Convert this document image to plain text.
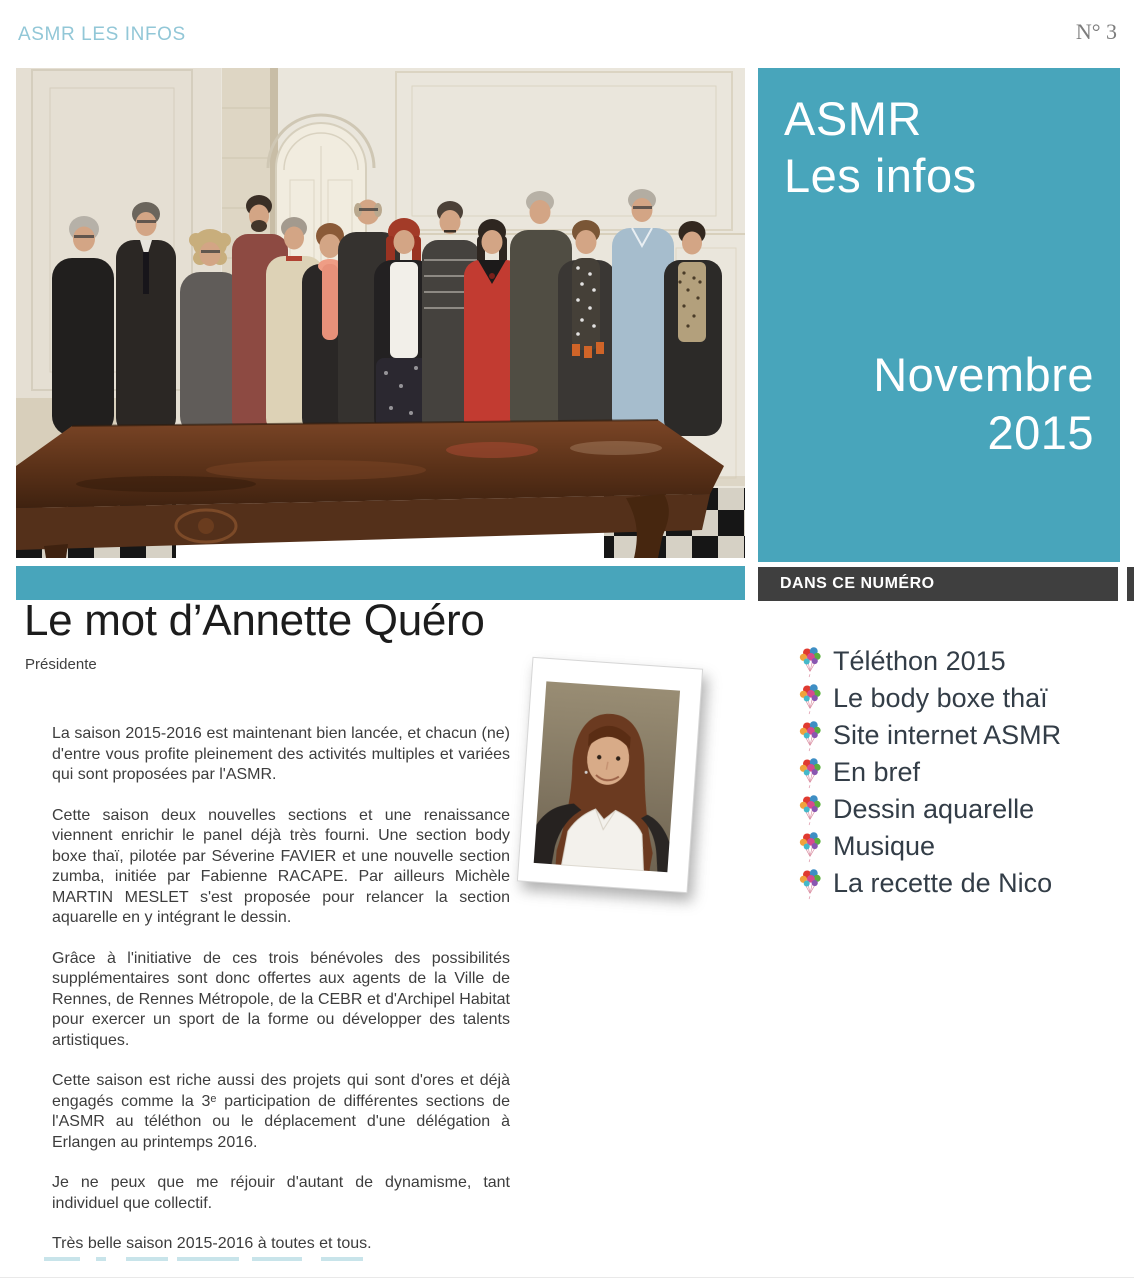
ASMR LES INFOS	N° 3
ASMR
Les infos
Novembre
2015
DANS CE NUMÉRO
Le mot d’Annette Quéro
Présidente

La saison 2015-2016 est maintenant bien lancée, et chacun (ne) d'entre vous profite pleinement des activités multiples et variées qui sont proposées par l'ASMR.

Cette saison deux nouvelles sections et une renaissance viennent enrichir le panel déjà très fourni. Une section body boxe thaï, pilotée par Séverine FAVIER et une nouvelle section zumba, initiée par Fabienne RACAPE. Par ailleurs Michèle MARTIN MESLET s'est proposée pour relancer la section aquarelle en y intégrant le dessin.

Grâce à l'initiative de ces trois bénévoles des possibilités supplémentaires sont donc offertes aux agents de la Ville de Rennes, de Rennes Métropole, de la CEBR et d'Archipel Habitat pour exercer un sport de la forme ou développer des talents artistiques.

Cette saison est riche aussi des projets qui sont d'ores et déjà engagés comme la 3ᵉ participation de différentes sections de l'ASMR au téléthon ou le déplacement d'une délégation à Erlangen au printemps 2016.

Je ne peux que me réjouir d'autant de dynamisme, tant individuel que collectif.

Très belle saison 2015-2016 à toutes et tous.

Téléthon 2015
Le body boxe thaï
Site internet ASMR
En bref
Dessin aquarelle
Musique
La recette de Nico
